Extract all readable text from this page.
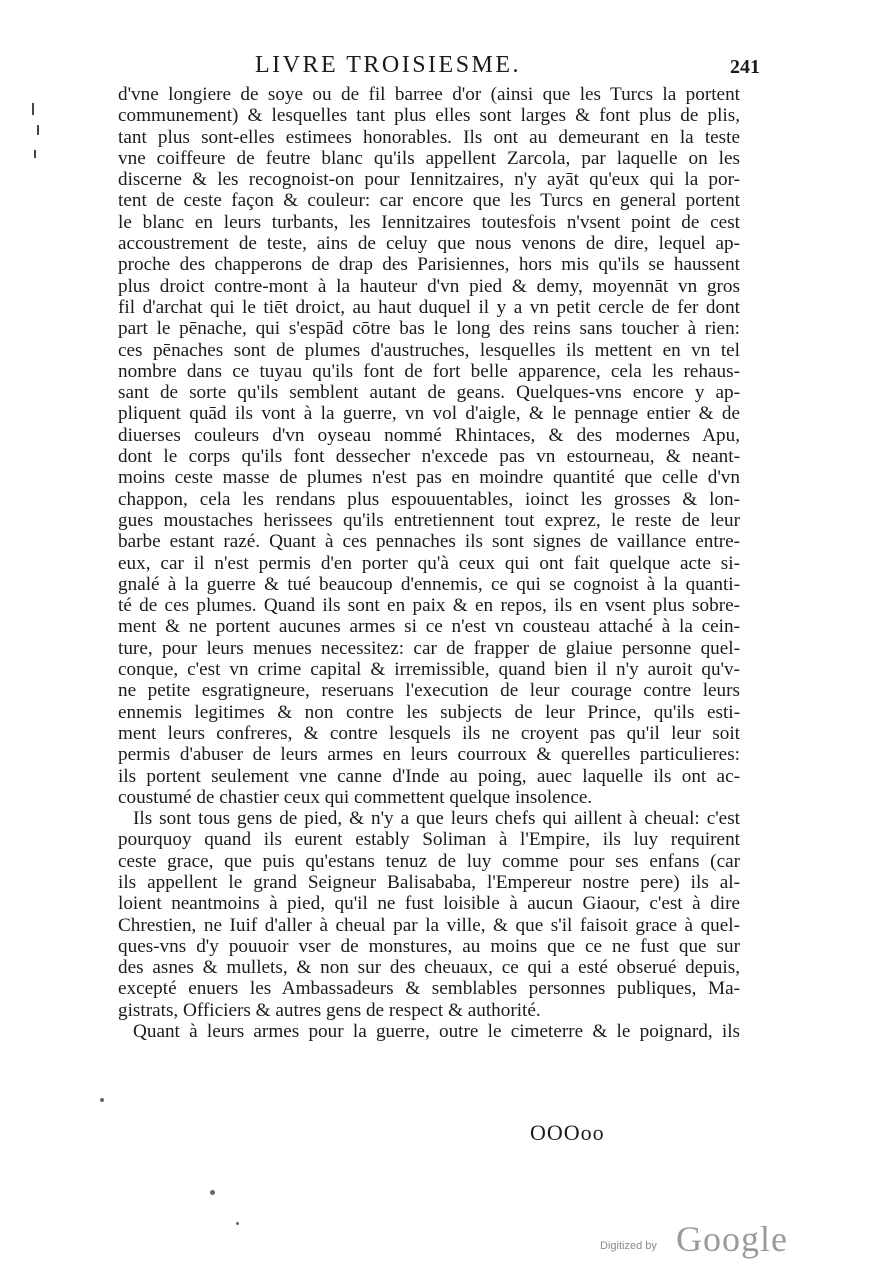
LIVRE TROISIESME.	241
d'vne longiere de soye ou de fil barree d'or (ainsi que les Turcs la portent
communement) & lesquelles tant plus elles sont larges & font plus de plis,
tant plus sont-elles estimees honorables. Ils ont au demeurant en la teste
vne coiffeure de feutre blanc qu'ils appellent Zarcola, par laquelle on les
discerne & les recognoist-on pour Iennitzaires, n'y ayāt qu'eux qui la por-
tent de ceste façon & couleur: car encore que les Turcs en general portent
le blanc en leurs turbants, les Iennitzaires toutesfois n'vsent point de cest
accoustrement de teste, ains de celuy que nous venons de dire, lequel ap-
proche des chapperons de drap des Parisiennes, hors mis qu'ils se haussent
plus droict contre-mont à la hauteur d'vn pied & demy, moyennāt vn gros
fil d'archat qui le tiēt droict, au haut duquel il y a vn petit cercle de fer dont
part le pēnache, qui s'espād cōtre bas le long des reins sans toucher à rien:
ces pēnaches sont de plumes d'austruches, lesquelles ils mettent en vn tel
nombre dans ce tuyau qu'ils font de fort belle apparence, cela les rehaus-
sant de sorte qu'ils semblent autant de geans. Quelques-vns encore y ap-
pliquent quād ils vont à la guerre, vn vol d'aigle, & le pennage entier & de
diuerses couleurs d'vn oyseau nommé Rhintaces, & des modernes Apu,
dont le corps qu'ils font dessecher n'excede pas vn estourneau, & neant-
moins ceste masse de plumes n'est pas en moindre quantité que celle d'vn
chappon, cela les rendans plus espouuentables, ioinct les grosses & lon-
gues moustaches herissees qu'ils entretiennent tout exprez, le reste de leur
barbe estant razé. Quant à ces pennaches ils sont signes de vaillance entre-
eux, car il n'est permis d'en porter qu'à ceux qui ont fait quelque acte si-
gnalé à la guerre & tué beaucoup d'ennemis, ce qui se cognoist à la quanti-
té de ces plumes. Quand ils sont en paix & en repos, ils en vsent plus sobre-
ment & ne portent aucunes armes si ce n'est vn cousteau attaché à la cein-
ture, pour leurs menues necessitez: car de frapper de glaiue personne quel-
conque, c'est vn crime capital & irremissible, quand bien il n'y auroit qu'v-
ne petite esgratigneure, reseruans l'execution de leur courage contre leurs
ennemis legitimes & non contre les subjects de leur Prince, qu'ils esti-
ment leurs confreres, & contre lesquels ils ne croyent pas qu'il leur soit
permis d'abuser de leurs armes en leurs courroux & querelles particulieres:
ils portent seulement vne canne d'Inde au poing, auec laquelle ils ont ac-
coustumé de chastier ceux qui commettent quelque insolence.
Ils sont tous gens de pied, & n'y a que leurs chefs qui aillent à cheual: c'est
pourquoy quand ils eurent estably Soliman à l'Empire, ils luy requirent
ceste grace, que puis qu'estans tenuz de luy comme pour ses enfans (car
ils appellent le grand Seigneur Balisababa, l'Empereur nostre pere) ils al-
loient neantmoins à pied, qu'il ne fust loisible à aucun Giaour, c'est à dire
Chrestien, ne Iuif d'aller à cheual par la ville, & que s'il faisoit grace à quel-
ques-vns d'y pouuoir vser de monstures, au moins que ce ne fust que sur
des asnes & mullets, & non sur des cheuaux, ce qui a esté obserué depuis,
excepté enuers les Ambassadeurs & semblables personnes publiques, Ma-
gistrats, Officiers & autres gens de respect & authorité.
Quant à leurs armes pour la guerre, outre le cimeterre & le poignard, ils
OOOoo
Digitized by Google
